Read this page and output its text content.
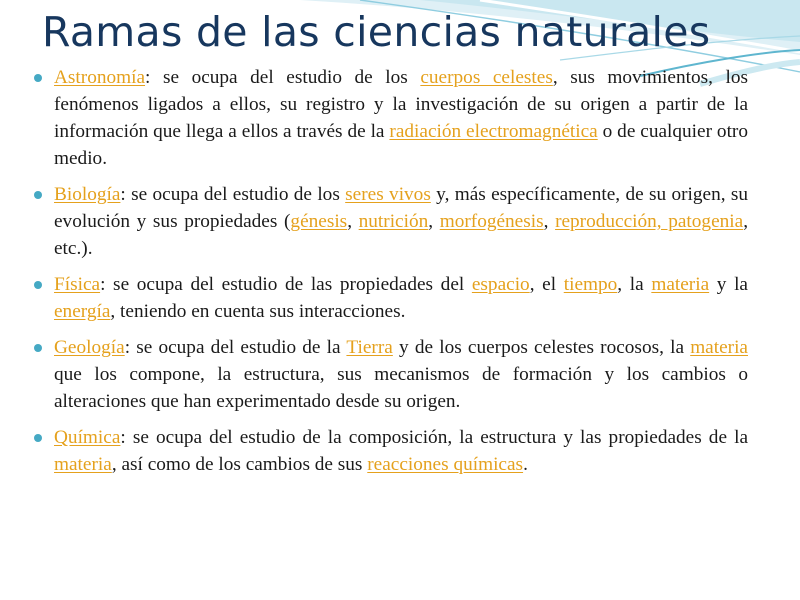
Ramas de las ciencias naturales
Astronomía: se ocupa del estudio de los cuerpos celestes, sus movimientos, los fenómenos ligados a ellos, su registro y la investigación de su origen a partir de la información que llega a ellos a través de la radiación electromagnética o de cualquier otro medio.
Biología: se ocupa del estudio de los seres vivos y, más específicamente, de su origen, su evolución y sus propiedades (génesis, nutrición, morfogénesis, reproducción, patogenia, etc.).
Física: se ocupa del estudio de las propiedades del espacio, el tiempo, la materia y la energía, teniendo en cuenta sus interacciones.
Geología: se ocupa del estudio de la Tierra y de los cuerpos celestes rocosos, la materia que los compone, la estructura, sus mecanismos de formación y los cambios o alteraciones que han experimentado desde su origen.
Química: se ocupa del estudio de la composición, la estructura y las propiedades de la materia, así como de los cambios de sus reacciones químicas.
